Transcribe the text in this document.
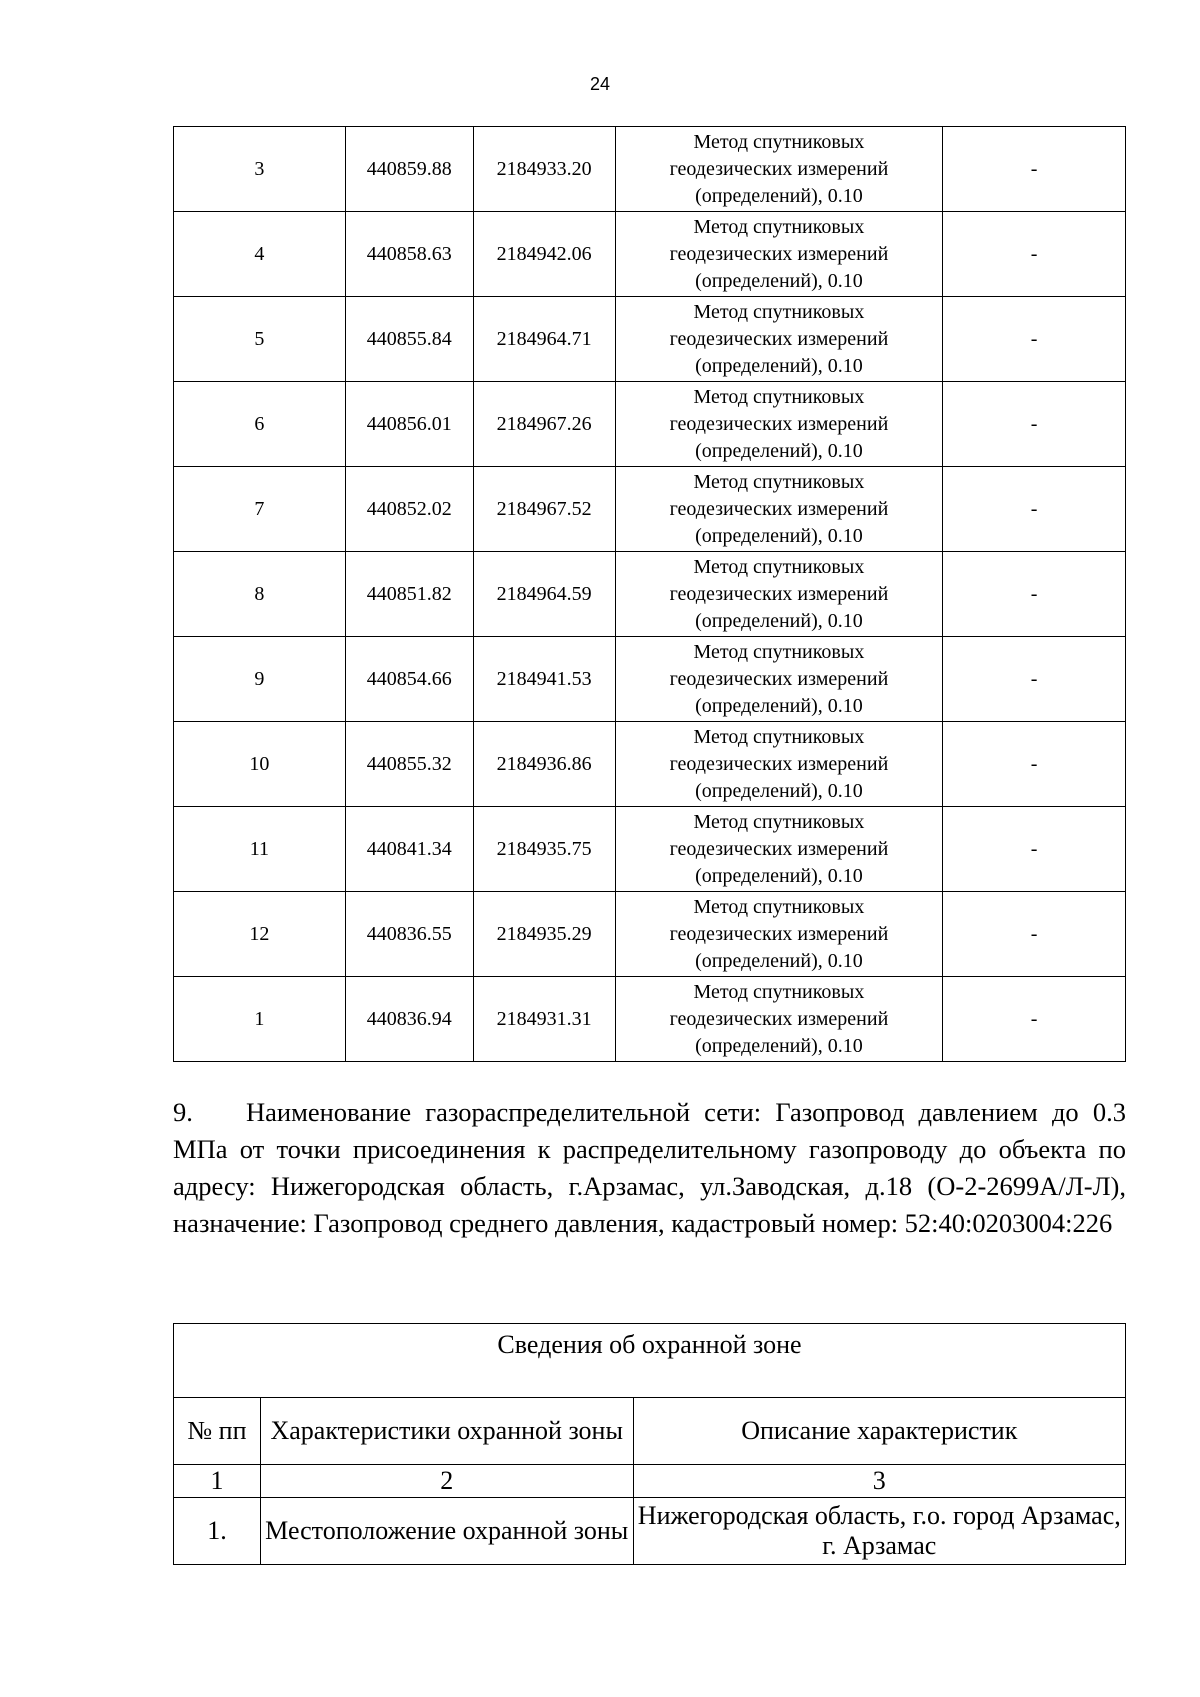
24
3	440859.88	2184933.20	Метод спутниковых
геодезических измерений
(определений), 0.10	-
4	440858.63	2184942.06	Метод спутниковых
геодезических измерений
(определений), 0.10	-
5	440855.84	2184964.71	Метод спутниковых
геодезических измерений
(определений), 0.10	-
6	440856.01	2184967.26	Метод спутниковых
геодезических измерений
(определений), 0.10	-
7	440852.02	2184967.52	Метод спутниковых
геодезических измерений
(определений), 0.10	-
8	440851.82	2184964.59	Метод спутниковых
геодезических измерений
(определений), 0.10	-
9	440854.66	2184941.53	Метод спутниковых
геодезических измерений
(определений), 0.10	-
10	440855.32	2184936.86	Метод спутниковых
геодезических измерений
(определений), 0.10	-
11	440841.34	2184935.75	Метод спутниковых
геодезических измерений
(определений), 0.10	-
12	440836.55	2184935.29	Метод спутниковых
геодезических измерений
(определений), 0.10	-
1	440836.94	2184931.31	Метод спутниковых
геодезических измерений
(определений), 0.10	-

9. Наименование газораспределительной сети: Газопровод давлением до 0.3 МПа от точки присоединения к распределительному газопроводу до объекта по адресу: Нижегородская область, г.Арзамас, ул.Заводская, д.18 (О-2-2699А/Л-Л), назначение: Газопровод среднего давления, кадастровый номер: 52:40:0203004:226

Сведения об охранной зоне		
№ пп	Характеристики охранной зоны	Описание характеристик
1	2	3
1.	Местоположение охранной зоны	Нижегородская область, г.о. город Арзамас, г. Арзамас
